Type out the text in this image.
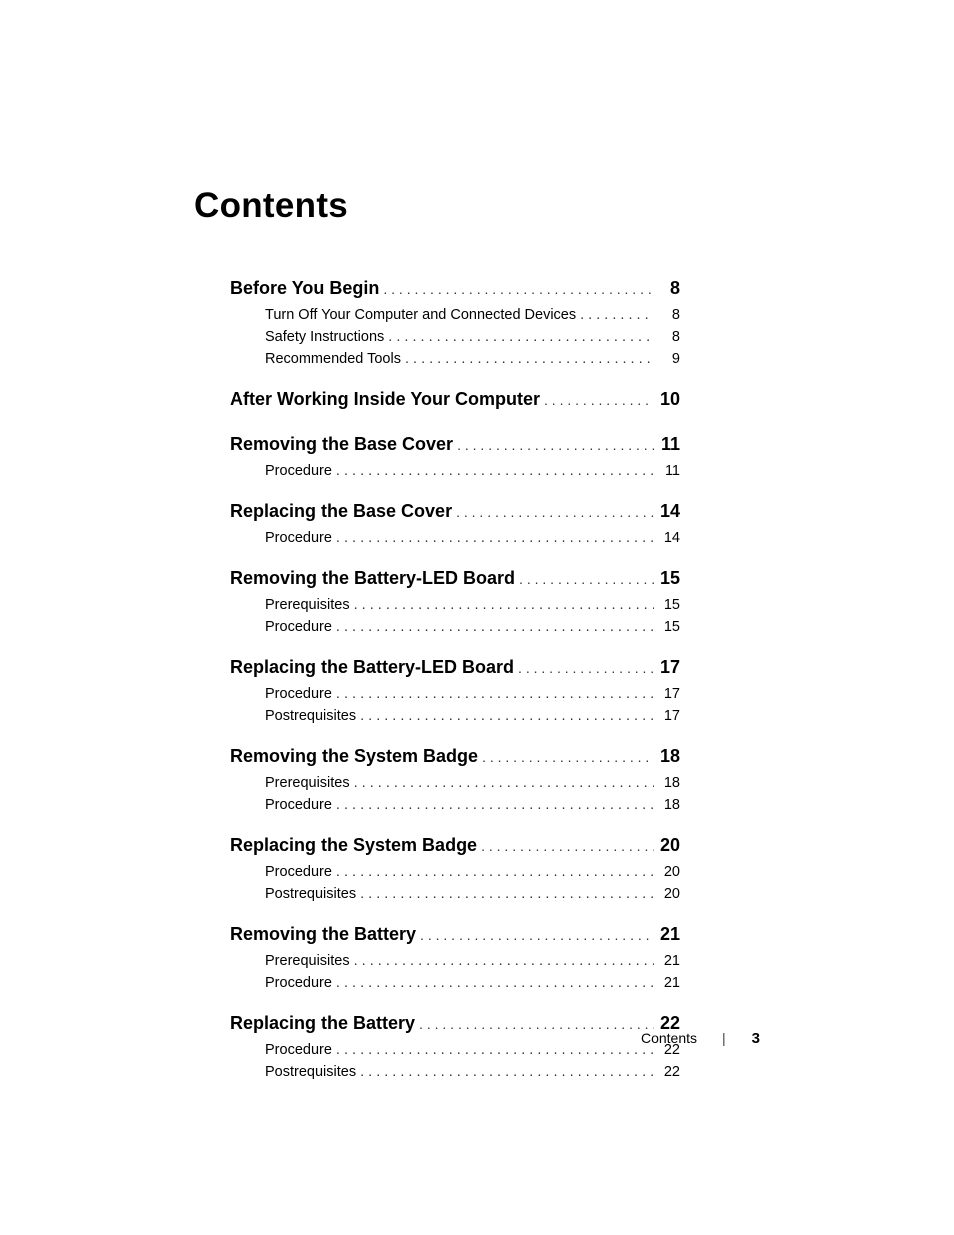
Contents
Before You Begin . . .	8
Turn Off Your Computer and Connected Devices . . .	8
Safety Instructions . . .	8
Recommended Tools . . .	9
After Working Inside Your Computer . . .	10
Removing the Base Cover . . .	11
Procedure . . .	11
Replacing the Base Cover . . .	14
Procedure . . .	14
Removing the Battery-LED Board . . .	15
Prerequisites . . .	15
Procedure . . .	15
Replacing the Battery-LED Board . . .	17
Procedure . . .	17
Postrequisites . . .	17
Removing the System Badge . . .	18
Prerequisites . . .	18
Procedure . . .	18
Replacing the System Badge . . .	20
Procedure . . .	20
Postrequisites . . .	20
Removing the Battery . . .	21
Prerequisites . . .	21
Procedure . . .	21
Replacing the Battery . . .	22
Procedure . . .	22
Postrequisites . . .	22
Contents | 3
